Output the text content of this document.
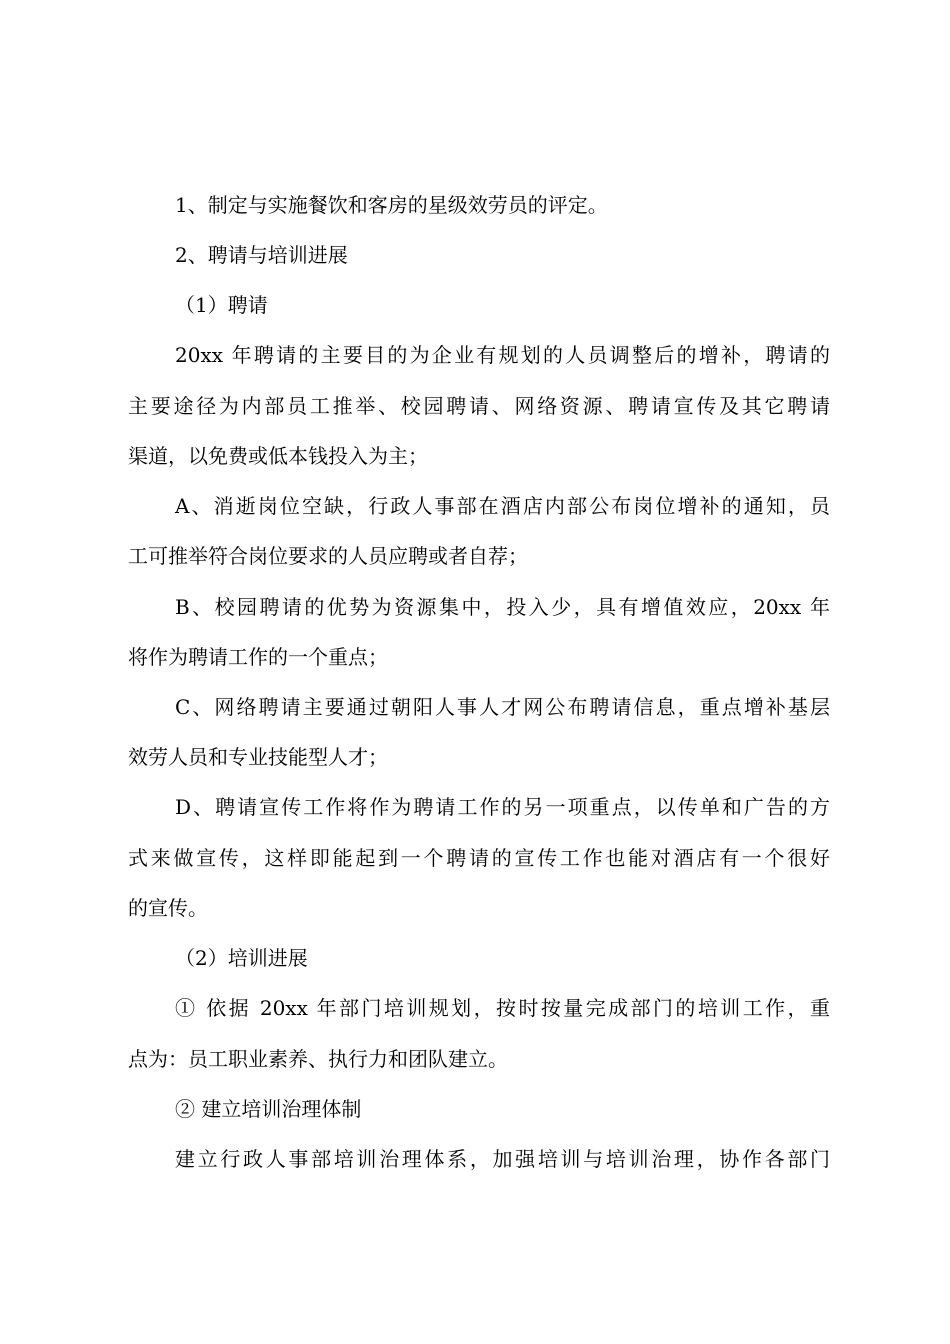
1、制定与实施餐饮和客房的星级效劳员的评定。

2、聘请与培训进展

（1）聘请

20xx 年聘请的主要目的为企业有规划的人员调整后的增补，聘请的

主要途径为内部员工推举、校园聘请、网络资源、聘请宣传及其它聘请

渠道，以免费或低本钱投入为主；

A、消逝岗位空缺，行政人事部在酒店内部公布岗位增补的通知，员

工可推举符合岗位要求的人员应聘或者自荐；

B、校园聘请的优势为资源集中，投入少，具有增值效应，20xx 年

将作为聘请工作的一个重点；

C、网络聘请主要通过朝阳人事人才网公布聘请信息，重点增补基层

效劳人员和专业技能型人才；

D、聘请宣传工作将作为聘请工作的另一项重点，以传单和广告的方

式来做宣传，这样即能起到一个聘请的宣传工作也能对酒店有一个很好

的宣传。

（2）培训进展

① 依据 20xx 年部门培训规划，按时按量完成部门的培训工作，重

点为：员工职业素养、执行力和团队建立。

② 建立培训治理体制

建立行政人事部培训治理体系，加强培训与培训治理，协作各部门
